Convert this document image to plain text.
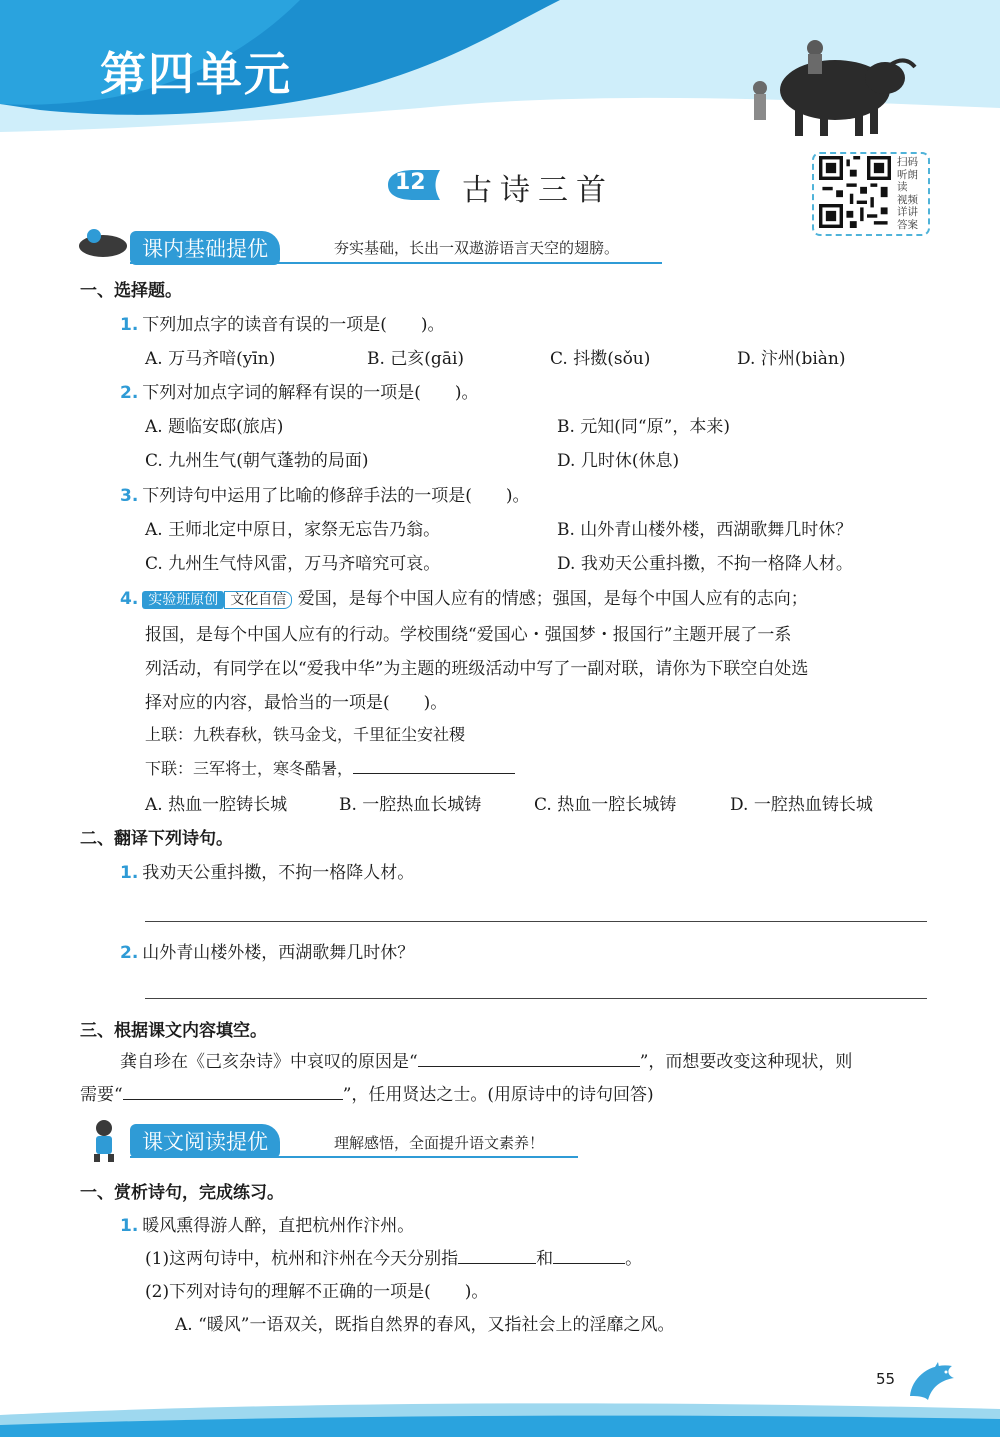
第四单元
12 古诗三首
扫码听朗读
视频详讲答案
课内基础提优	夯实基础，长出一双遨游语言天空的翅膀。
一、选择题。
1. 下列加点字的读音有误的一项是(　　)。
A. 万马齐喑(yīn)	B. 己亥(gāi)	C. 抖擞(sǒu)	D. 汴州(biàn)
2. 下列对加点字词的解释有误的一项是(　　)。
A. 题临安邸(旅店)	B. 元知(同“原”，本来)
C. 九州生气(朝气蓬勃的局面)	D. 几时休(休息)
3. 下列诗句中运用了比喻的修辞手法的一项是(　　)。
A. 王师北定中原日，家祭无忘告乃翁。	B. 山外青山楼外楼，西湖歌舞几时休？
C. 九州生气恃风雷，万马齐喑究可哀。	D. 我劝天公重抖擞，不拘一格降人材。
4. 实验班原创 文化自信 爱国，是每个中国人应有的情感；强国，是每个中国人应有的志向；
报国，是每个中国人应有的行动。学校围绕“爱国心・强国梦・报国行”主题开展了一系
列活动，有同学在以“爱我中华”为主题的班级活动中写了一副对联，请你为下联空白处选
择对应的内容，最恰当的一项是(　　)。
上联：九秩春秋，铁马金戈，千里征尘安社稷
下联：三军将士，寒冬酷暑，
A. 热血一腔铸长城	B. 一腔热血长城铸	C. 热血一腔长城铸	D. 一腔热血铸长城
二、翻译下列诗句。
1. 我劝天公重抖擞，不拘一格降人材。
2. 山外青山楼外楼，西湖歌舞几时休？
三、根据课文内容填空。
龚自珍在《己亥杂诗》中哀叹的原因是“	”，而想要改变这种现状，则
需要“	”，任用贤达之士。(用原诗中的诗句回答)
课文阅读提优	理解感悟，全面提升语文素养！
一、赏析诗句，完成练习。
1. 暖风熏得游人醉，直把杭州作汴州。
(1)这两句诗中，杭州和汴州在今天分别指	和	。
(2)下列对诗句的理解不正确的一项是(　　)。
A. “暖风”一语双关，既指自然界的春风，又指社会上的淫靡之风。
55
